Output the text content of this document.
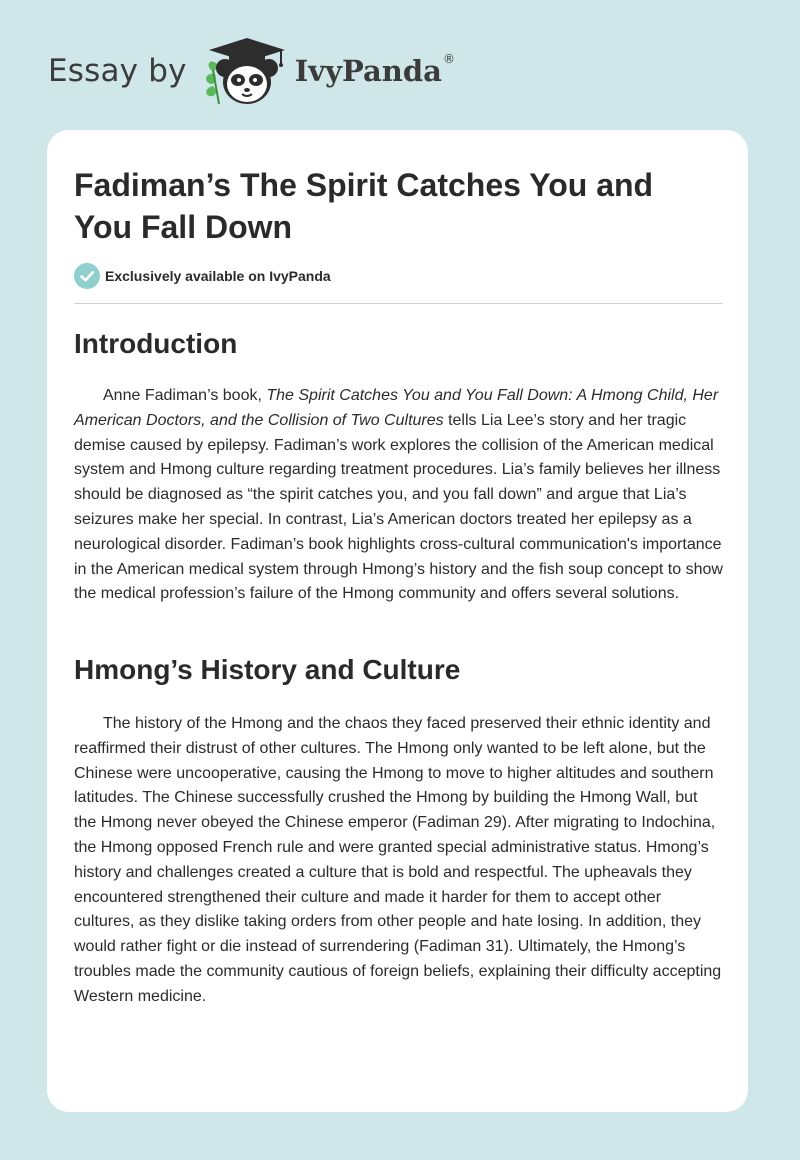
Essay by	IvyPanda ®
Fadiman’s The Spirit Catches You and You Fall Down
Exclusively available on IvyPanda
Introduction

Anne Fadiman’s book, The Spirit Catches You and You Fall Down: A Hmong Child, Her American Doctors, and the Collision of Two Cultures tells Lia Lee’s story and her tragic demise caused by epilepsy. Fadiman’s work explores the collision of the American medical system and Hmong culture regarding treatment procedures. Lia’s family believes her illness should be diagnosed as “the spirit catches you, and you fall down” and argue that Lia’s seizures make her special. In contrast, Lia’s American doctors treated her epilepsy as a neurological disorder. Fadiman’s book highlights cross-cultural communication's importance in the American medical system through Hmong’s history and the fish soup concept to show the medical profession’s failure of the Hmong community and offers several solutions.

Hmong’s History and Culture

The history of the Hmong and the chaos they faced preserved their ethnic identity and reaffirmed their distrust of other cultures. The Hmong only wanted to be left alone, but the Chinese were uncooperative, causing the Hmong to move to higher altitudes and southern latitudes. The Chinese successfully crushed the Hmong by building the Hmong Wall, but the Hmong never obeyed the Chinese emperor (Fadiman 29). After migrating to Indochina, the Hmong opposed French rule and were granted special administrative status. Hmong’s history and challenges created a culture that is bold and respectful. The upheavals they encountered strengthened their culture and made it harder for them to accept other cultures, as they dislike taking orders from other people and hate losing. In addition, they would rather fight or die instead of surrendering (Fadiman 31). Ultimately, the Hmong’s troubles made the community cautious of foreign beliefs, explaining their difficulty accepting Western medicine.
